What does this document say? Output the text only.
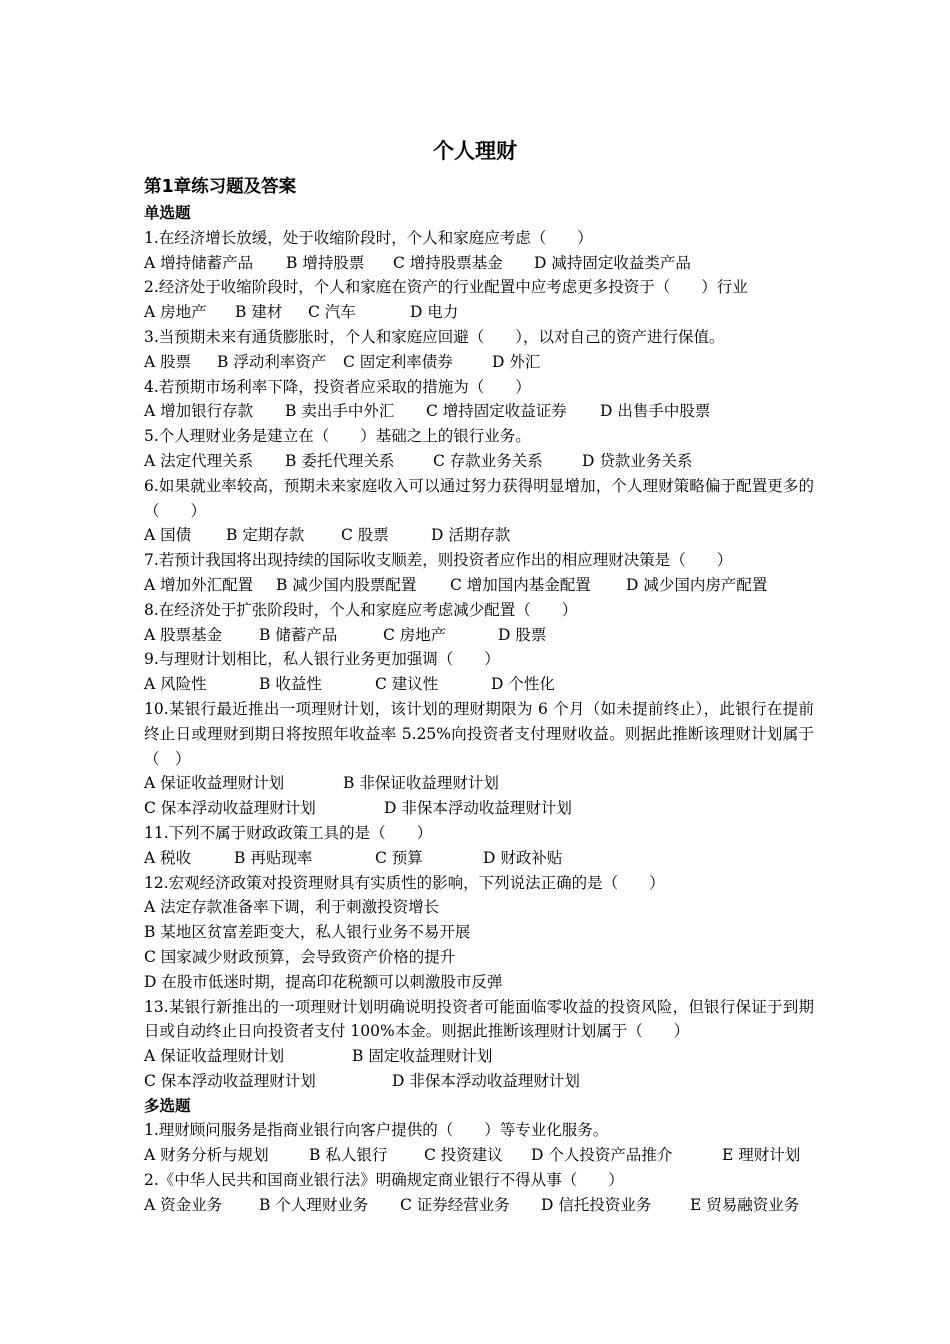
个人理财
第1章练习题及答案
单选题
1.在经济增长放缓，处于收缩阶段时，个人和家庭应考虑（　　）
A 增持储蓄产品 B 增持股票 C 增持股票基金 D 减持固定收益类产品
2.经济处于收缩阶段时，个人和家庭在资产的行业配置中应考虑更多投资于（　　）行业
A 房地产 B 建材 C 汽车	D 电力
3.当预期未来有通货膨胀时，个人和家庭应回避（　　），以对自己的资产进行保值。
A 股票 B 浮动利率资产 C 固定利率债券	D 外汇
4.若预期市场利率下降，投资者应采取的措施为（　　）
A 增加银行存款 B 卖出手中外汇 C 增持固定收益证券 D 出售手中股票
5.个人理财业务是建立在（　　）基础之上的银行业务。
A 法定代理关系 B 委托代理关系 C 存款业务关系	D 贷款业务关系
6.如果就业率较高，预期未来家庭收入可以通过努力获得明显增加，个人理财策略偏于配置更多的（　　）
A 国债 B 定期存款 C 股票	D 活期存款
7.若预计我国将出现持续的国际收支顺差，则投资者应作出的相应理财决策是（　　）
A 增加外汇配置 B 减少国内股票配置 C 增加国内基金配置 D 减少国内房产配置
8.在经济处于扩张阶段时，个人和家庭应考虑减少配置（　　）
A 股票基金 B 储蓄产品	C 房地产	D 股票
9.与理财计划相比，私人银行业务更加强调（　　）
A 风险性	B 收益性	C 建议性	D 个性化
10.某银行最近推出一项理财计划，该计划的理财期限为 6 个月（如未提前终止），此银行在提前终止日或理财到期日将按照年收益率 5.25%向投资者支付理财收益。则据此推断该理财计划属于（　）
A 保证收益理财计划	B 非保证收益理财计划
C 保本浮动收益理财计划	D 非保本浮动收益理财计划
11.下列不属于财政政策工具的是（　　）
A 税收	B 再贴现率	C 预算	D 财政补贴
12.宏观经济政策对投资理财具有实质性的影响，下列说法正确的是（　　）
A 法定存款准备率下调，利于刺激投资增长
B 某地区贫富差距变大，私人银行业务不易开展
C 国家减少财政预算，会导致资产价格的提升
D 在股市低迷时期，提高印花税额可以刺激股市反弹
13.某银行新推出的一项理财计划明确说明投资者可能面临零收益的投资风险，但银行保证于到期日或自动终止日向投资者支付 100%本金。则据此推断该理财计划属于（　　）
A 保证收益理财计划	B 固定收益理财计划
C 保本浮动收益理财计划	D 非保本浮动收益理财计划
多选题
1.理财顾问服务是指商业银行向客户提供的（　　）等专业化服务。
A 财务分析与规划	B 私人银行 C 投资建议 D 个人投资产品推介	E 理财计划
2.《中华人民共和国商业银行法》明确规定商业银行不得从事（　　）
A 资金业务 B 个人理财业务 C 证券经营业务 D 信托投资业务 E 贸易融资业务
